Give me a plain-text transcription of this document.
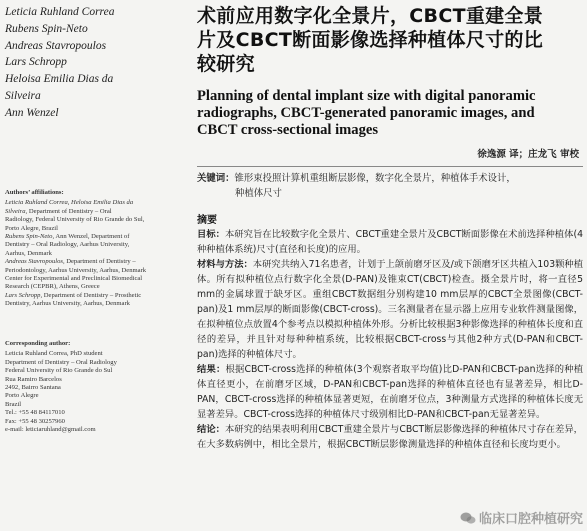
Leticia Ruhland Correa
Rubens Spin-Neto
Andreas Stavropoulos
Lars Schropp
Heloisa Emilia Dias da
Silveira
Ann Wenzel
Authors’ affiliations:
Leticia Ruhland Correa, Heloisa Emilia Dias da
Silveira, Department of Dentistry – Oral
Radiology, Federal University of Rio Grande do Sul,
Porto Alegre, Brazil
Rubens Spin-Neto, Ann Wenzel, Department of
Dentistry – Oral Radiology, Aarhus University,
Aarhus, Denmark
Andreas Stavropoulos, Department of Dentistry –
Periodontology, Aarhus University, Aarhus, Denmark
Center for Experimental and Preclinical Biomedical
Research (CEPBR), Athens, Greece
Lars Schropp, Department of Dentistry – Prosthetic
Dentistry, Aarhus University, Aarhus, Denmark
Corresponding author:
Leticia Ruhland Correa, PhD student
Department of Dentistry – Oral Radiology
Federal University of Rio Grande do Sul
Rua Ramiro Barcelos
2492, Bairro Santana
Porto Alegre
Brazil
Tel.: +55 48 84117010
Fax: +55 48 30257960
e-mail: leticiaruhland@gmail.com
术前应用数字化全景片，CBCT重建全景
片及CBCT断面影像选择种植体尺寸的比
较研究
Planning of dental implant size with digital panoramic
radiographs, CBCT-generated panoramic images, and
CBCT cross-sectional images
徐逸源 译；庄龙飞 审校
关键词：锥形束投照计算机重组断层影像，数字化全景片，种植体手术设计，
种植体尺寸
摘要

目标：本研究旨在比较数字化全景片、CBCT重建全景片及CBCT断面影像在术前选择种植体(4种种植体系统)尺寸(直径和长度)的应用。

材料与方法：本研究共纳入71名患者，计划于上颌前磨牙区及/或下颌磨牙区共植入103颗种植体。所有拟种植位点行数字化全景(D-PAN)及锥束CT(CBCT)检查。摄全景片时，将一直径5 mm的金属球置于缺牙区。重组CBCT数据组分别构建10 mm层厚的CBCT全景图像(CBCT-pan)及1 mm层厚的断面影像(CBCT-cross)。三名测量者在显示器上应用专业软件测量图像，在拟种植位点放置4个参考点以模拟种植体外形。分析比较根据3种影像选择的种植体长度和直径的差异，并且针对每种种植系统，比较根据CBCT-cross与其他2种方式(D-PAN和CBCT-pan)选择的种植体尺寸。

结果：根据CBCT-cross选择的种植体(3个观察者取平均值)比D-PAN和CBCT-pan选择的种植体直径更小，在前磨牙区域，D-PAN和CBCT-pan选择的种植体直径也有显著差异，相比D-PAN，CBCT-cross选择的种植体显著更短，在前磨牙位点，3种测量方式选择的种植体长度无显著差异。CBCT-cross选择的种植体尺寸级别相比D-PAN和CBCT-pan无显著差异。

结论：本研究的结果表明利用CBCT重建全景片与CBCT断层影像选择的种植体尺寸存在差异，在大多数病例中，相比全景片，根据CBCT断层影像测量选择的种植体直径和长度均更小。

临床口腔种植研究
